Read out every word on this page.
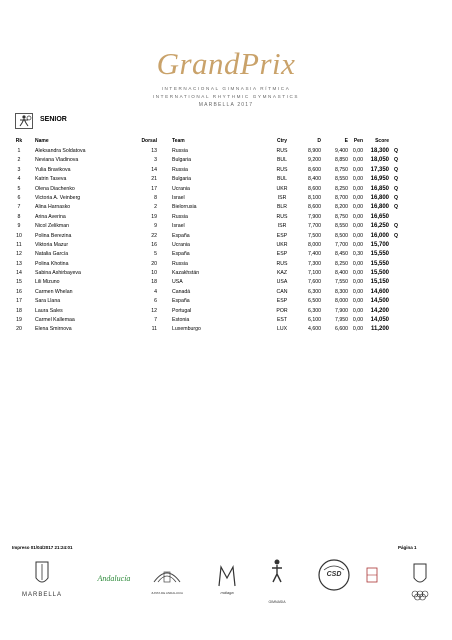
GrandPrix
INTERNACIONAL GIMNASIA RÍTMICA
INTERNATIONAL RHYTHMIC GYMNASTICS
MARBELLA 2017
SENIOR
Rk	Name	Dorsal	Team	Ctry	D	E	Pen	Score
1	Aleksandra Soldatova	13	Russia	RUS	8,900	9,400 0,00	18,300 Q
2	Neviana Vladinova	3	Bulgaria	BUL	9,200	8,850 0,00	18,050 Q
3	Yulia Bravikova	14	Russia	RUS	8,600	8,750 0,00	17,350 Q
4	Katrin Taseva	21	Bulgaria	BUL	8,400	8,550 0,00	16,950 Q
5	Olena Diachenko	17	Ucrania	UKR	8,600	8,250 0,00	16,850 Q
6	Victoria A. Veinberg	8	Israel	ISR	8,100	8,700 0,00	16,800 Q
7	Alina Harnasko	2	Bielorrusia	BLR	8,600	8,200 0,00	16,800 Q
8	Arina Averina	19	Russia	RUS	7,900	8,750 0,00	16,650
9	Nicol Zelikman	9	Israel	ISR	7,700	8,550 0,00	16,250 Q
10	Polina Berezina	22	España	ESP	7,500	8,500 0,00	16,000 Q
11	Viktoria Mazur	16	Ucrania	UKR	8,000	7,700 0,00	15,700
12	Natalia García	5	España	ESP	7,400	8,450 0,30	15,550
13	Polina Khotina	20	Russia	RUS	7,300	8,250 0,00	15,550
14	Sabina Ashirbayeva	10	Kazakhstán	KAZ	7,100	8,400 0,00	15,500
15	Lili Mizuno	18	USA	USA	7,600	7,550 0,00	15,150
16	Carmen Whelan	4	Canadá	CAN	6,300	8,300 0,00	14,600
17	Sara Llana	6	España	ESP	6,500	8,000 0,00	14,500
18	Laura Sales	12	Portugal	POR	6,300	7,900 0,00	14,200
19	Carmel Kallemaa	7	Estonia	EST	6,100	7,950 0,00	14,050
20	Elena Smirnova	11	Luxemburgo	LUX	4,600	6,600 0,00	11,200
Impreso 01/04/2017 21:24:01	Página 1
MARBELLA
Andalucía
JUNTA DE ANDALUCIA	málaga
GIMNASIA
CSD
